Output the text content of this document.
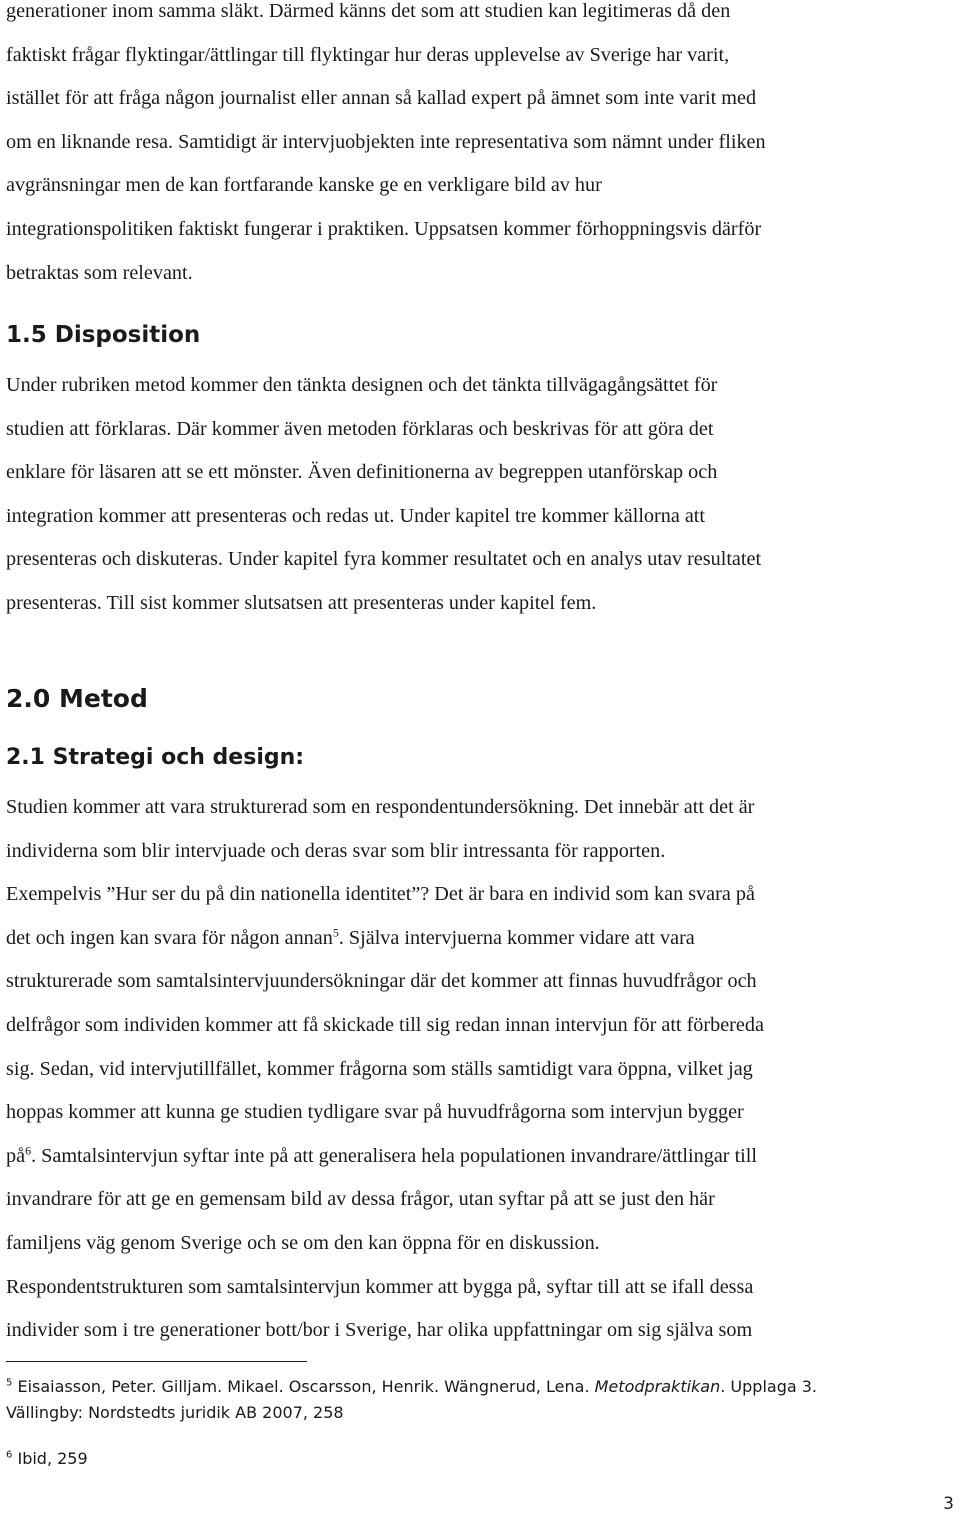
generationer inom samma släkt. Därmed känns det som att studien kan legitimeras då den
faktiskt frågar flyktingar/ättlingar till flyktingar hur deras upplevelse av Sverige har varit,
istället för att fråga någon journalist eller annan så kallad expert på ämnet som inte varit med
om en liknande resa. Samtidigt är intervjuobjekten inte representativa som nämnt under fliken
avgränsningar men de kan fortfarande kanske ge en verkligare bild av hur
integrationspolitiken faktiskt fungerar i praktiken. Uppsatsen kommer förhoppningsvis därför
betraktas som relevant.
1.5 Disposition
Under rubriken metod kommer den tänkta designen och det tänkta tillvägagångsättet för
studien att förklaras. Där kommer även metoden förklaras och beskrivas för att göra det
enklare för läsaren att se ett mönster. Även definitionerna av begreppen utanförskap och
integration kommer att presenteras och redas ut. Under kapitel tre kommer källorna att
presenteras och diskuteras. Under kapitel fyra kommer resultatet och en analys utav resultatet
presenteras. Till sist kommer slutsatsen att presenteras under kapitel fem.
2.0 Metod
2.1 Strategi och design:
Studien kommer att vara strukturerad som en respondentundersökning. Det innebär att det är
individerna som blir intervjuade och deras svar som blir intressanta för rapporten.
Exempelvis ”Hur ser du på din nationella identitet”? Det är bara en individ som kan svara på
det och ingen kan svara för någon annan$^5$. Själva intervjuerna kommer vidare att vara
strukturerade som samtalsintervjuundersökningar där det kommer att finnas huvudfrågor och
delfrågor som individen kommer att få skickade till sig redan innan intervjun för att förbereda
sig. Sedan, vid intervjutillfället, kommer frågorna som ställs samtidigt vara öppna, vilket jag
hoppas kommer att kunna ge studien tydligare svar på huvudfrågorna som intervjun bygger
$på^6$. Samtalsintervjun syftar inte på att generalisera hela populationen invandrare/ättlingar till
invandrare för att ge en gemensam bild av dessa frågor, utan syftar på att se just den här
familjens väg genom Sverige och se om den kan öppna för en diskussion.
Respondentstrukturen som samtalsintervjun kommer att bygga på, syftar till att se ifall dessa
individer som i tre generationer bott/bor i Sverige, har olika uppfattningar om sig själva som
$^5$ Eisaiasson, Peter. Gilljam. Mikael. Oscarsson, Henrik. Wängnerud, Lena. Metodpraktikan. Upplaga 3.
Vällingby: Nordstedts juridik AB 2007, 258
$^6$ Ibid, 259
3
